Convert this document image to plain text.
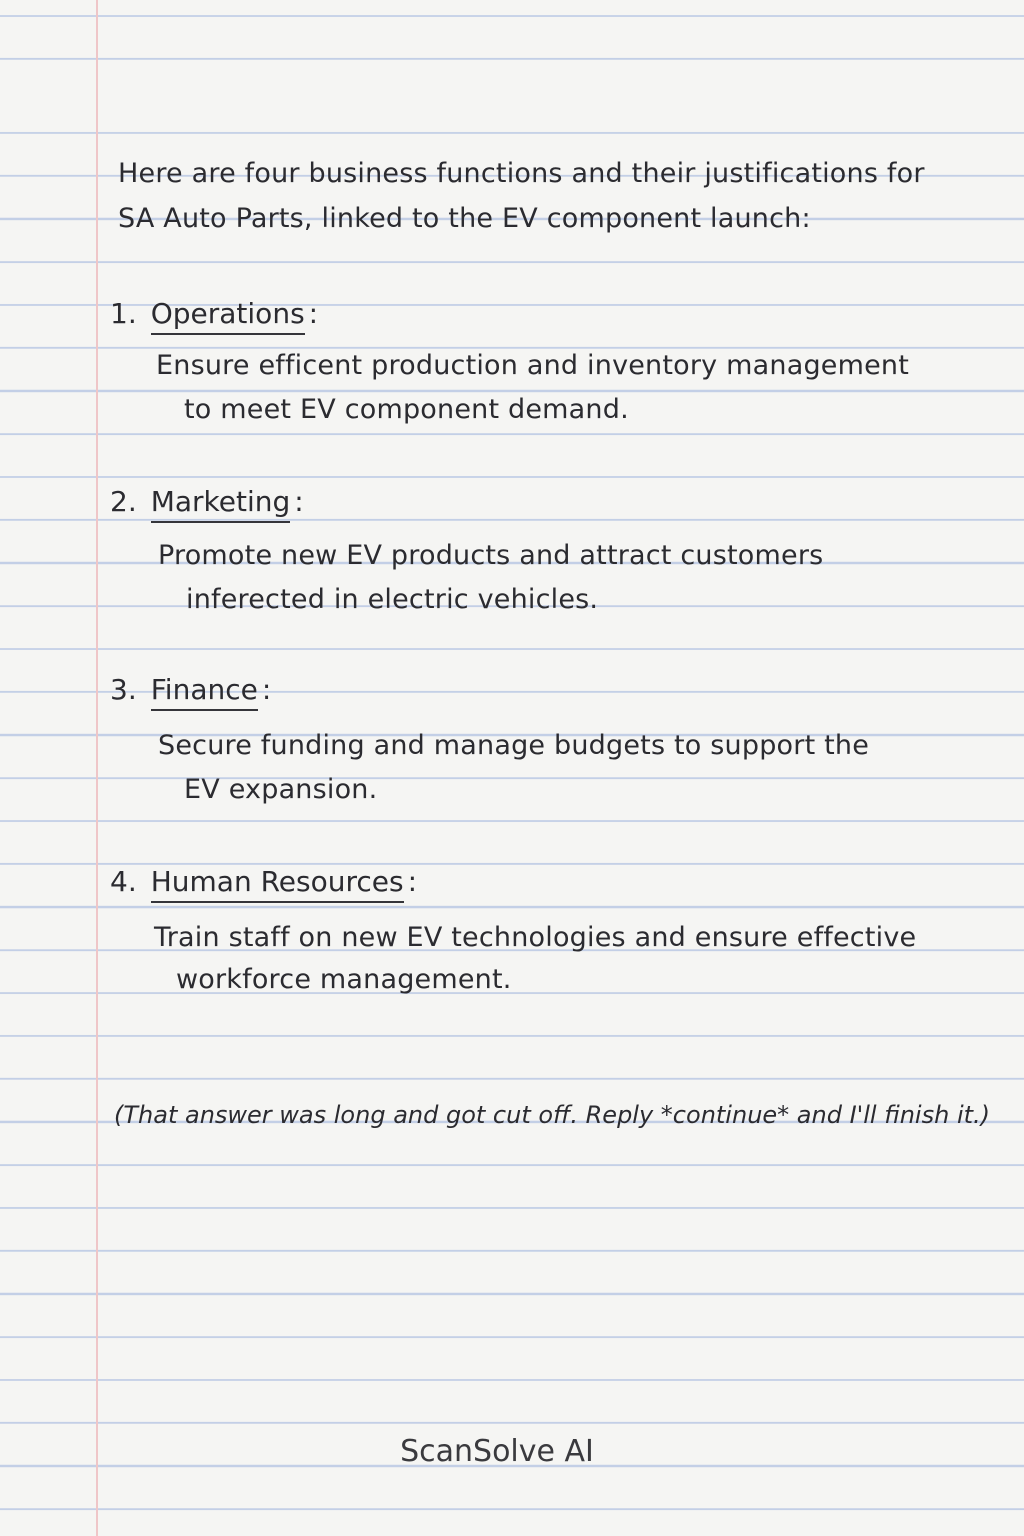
Here are four business functions and their justifications for

SA Auto Parts, linked to the EV component launch:

1. Operations :

Ensure efficent production and inventory management

to meet EV component demand.

2. Marketing :

Promote new EV products and attract customers

inferected in electric vehicles.

3. Finance :

Secure funding and manage budgets to support the

EV expansion.

4. Human Resources :

Train staff on new EV technologies and ensure effective

workforce management.

(That answer was long and got cut off. Reply *continue* and I'll finish it.)

ScanSolve AI
